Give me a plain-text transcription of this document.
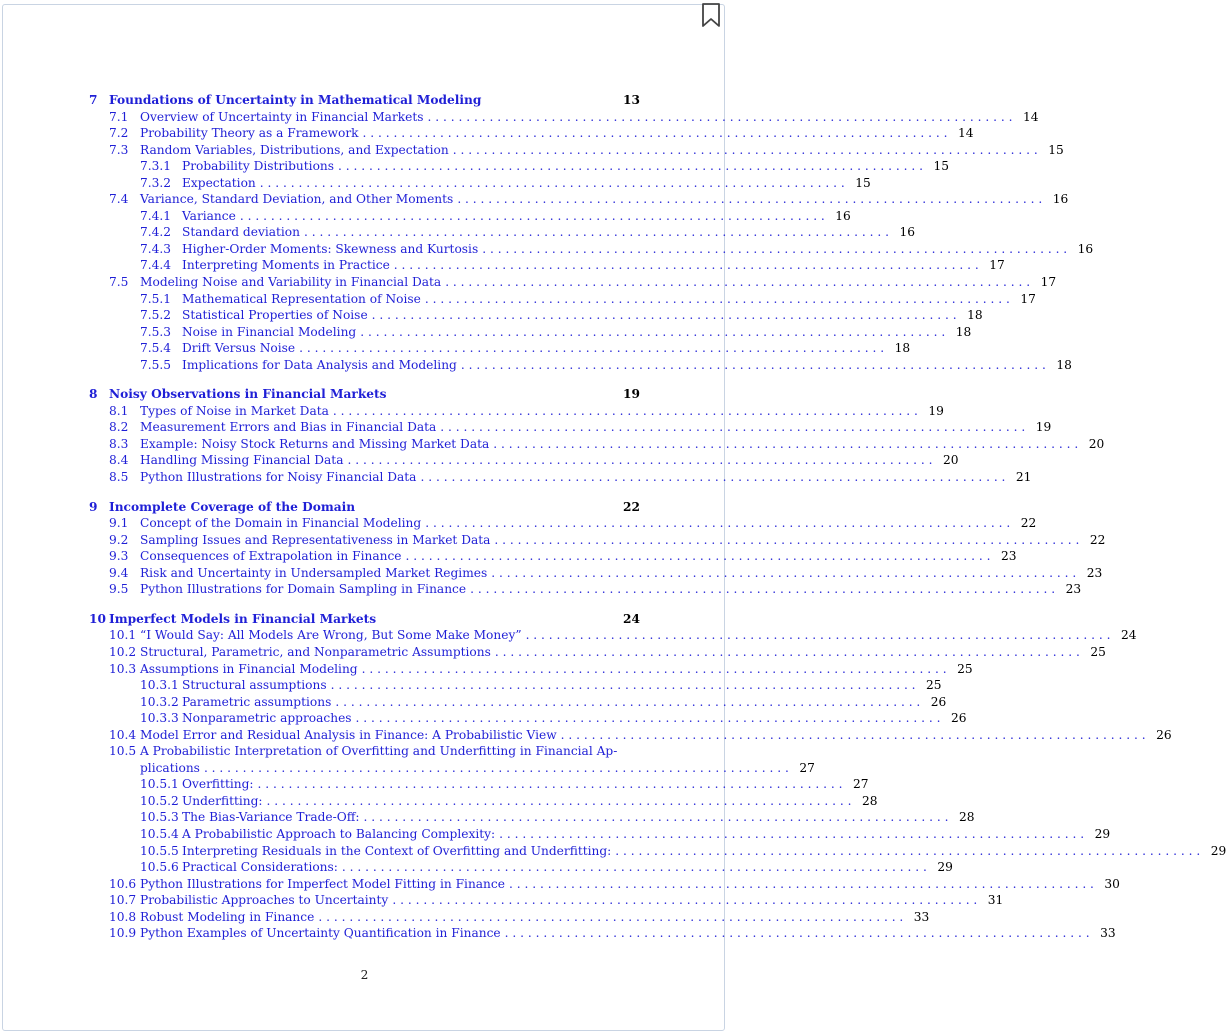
7 Foundations of Uncertainty in Mathematical Modeling	13
7.1 Overview of Uncertainty in Financial Markets . . .	14
7.2 Probability Theory as a Framework . . .	14
7.3 Random Variables, Distributions, and Expectation . . .	15
7.3.1 Probability Distributions . . .	15
7.3.2 Expectation . . .	15
7.4 Variance, Standard Deviation, and Other Moments . . .	16
7.4.1 Variance . . .	16
7.4.2 Standard deviation . . .	16
7.4.3 Higher-Order Moments: Skewness and Kurtosis . . .	16
7.4.4 Interpreting Moments in Practice . . .	17
7.5 Modeling Noise and Variability in Financial Data . . .	17
7.5.1 Mathematical Representation of Noise . . .	17
7.5.2 Statistical Properties of Noise . . .	18
7.5.3 Noise in Financial Modeling . . .	18
7.5.4 Drift Versus Noise . . .	18
7.5.5 Implications for Data Analysis and Modeling . . .	18
8 Noisy Observations in Financial Markets	19
8.1 Types of Noise in Market Data . . .	19
8.2 Measurement Errors and Bias in Financial Data . . .	19
8.3 Example: Noisy Stock Returns and Missing Market Data . . .	20
8.4 Handling Missing Financial Data . . .	20
8.5 Python Illustrations for Noisy Financial Data . . .	21
9 Incomplete Coverage of the Domain	22
9.1 Concept of the Domain in Financial Modeling . . .	22
9.2 Sampling Issues and Representativeness in Market Data . . .	22
9.3 Consequences of Extrapolation in Finance . . .	23
9.4 Risk and Uncertainty in Undersampled Market Regimes . . .	23
9.5 Python Illustrations for Domain Sampling in Finance . . .	23
10 Imperfect Models in Financial Markets	24
10.1 “I Would Say: All Models Are Wrong, But Some Make Money” . . .	24
10.2 Structural, Parametric, and Nonparametric Assumptions . . .	25
10.3 Assumptions in Financial Modeling . . .	25
10.3.1 Structural assumptions . . .	25
10.3.2 Parametric assumptions . . .	26
10.3.3 Nonparametric approaches . . .	26
10.4 Model Error and Residual Analysis in Finance: A Probabilistic View . . .	26
10.5 A Probabilistic Interpretation of Overfitting and Underfitting in Financial Ap-
plications . . .	27
10.5.1 Overfitting: . . .	27
10.5.2 Underfitting: . . .	28
10.5.3 The Bias-Variance Trade-Off: . . .	28
10.5.4 A Probabilistic Approach to Balancing Complexity: . . .	29
10.5.5 Interpreting Residuals in the Context of Overfitting and Underfitting: . . .	29
10.5.6 Practical Considerations: . . .	29
10.6 Python Illustrations for Imperfect Model Fitting in Finance . . .	30
10.7 Probabilistic Approaches to Uncertainty . . .	31
10.8 Robust Modeling in Finance . . .	33
10.9 Python Examples of Uncertainty Quantification in Finance . . .	33
2
